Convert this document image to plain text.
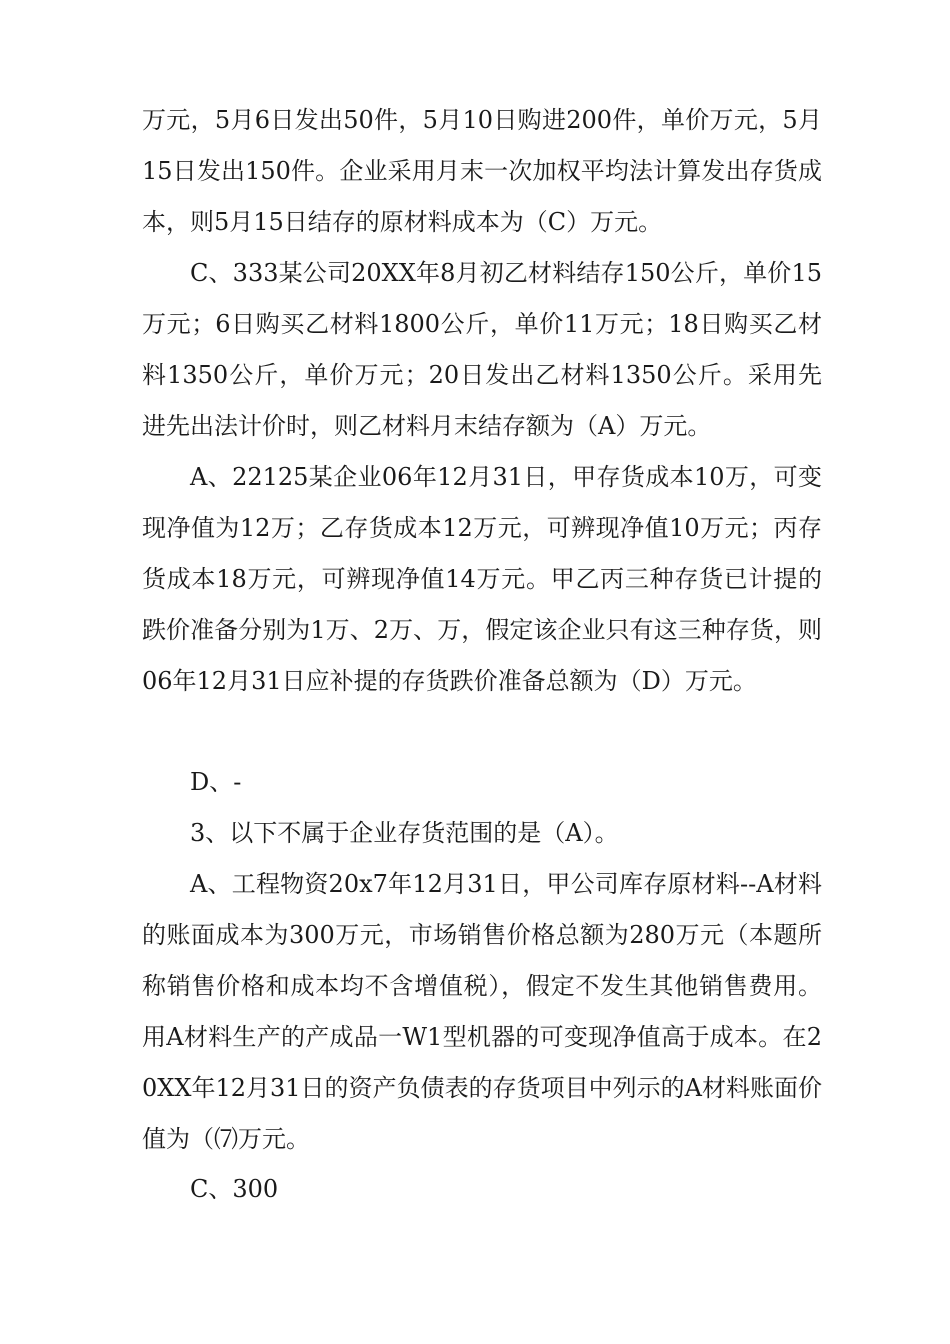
万元，5月6日发出50件，5月10日购进200件，单价万元，5月15日发出150件。企业采用月末一次加权平均法计算发出存货成本，则5月15日结存的原材料成本为（C）万元。

C、333某公司20XX年8月初乙材料结存150公斤，单价15万元；6日购买乙材料1800公斤，单价11万元；18日购买乙材料1350公斤，单价万元；20日发出乙材料1350公斤。采用先进先出法计价时，则乙材料月末结存额为（A）万元。

A、22125某企业06年12月31日，甲存货成本10万，可变现净值为12万；乙存货成本12万元，可辨现净值10万元；丙存货成本18万元，可辨现净值14万元。甲乙丙三种存货已计提的跌价准备分别为1万、2万、万，假定该企业只有这三种存货，则06年12月31日应补提的存货跌价准备总额为（D）万元。

D、-

3、以下不属于企业存货范围的是（A）。

A、工程物资20x7年12月31日，甲公司库存原材料--A材料的账面成本为300万元，市场销售价格总额为280万元（本题所称销售价格和成本均不含增值税），假定不发生其他销售费用。用A材料生产的产成品一W1型机器的可变现净值高于成本。在20XX年12月31日的资产负债表的存货项目中列示的A材料账面价值为（⑺万元。

C、300
